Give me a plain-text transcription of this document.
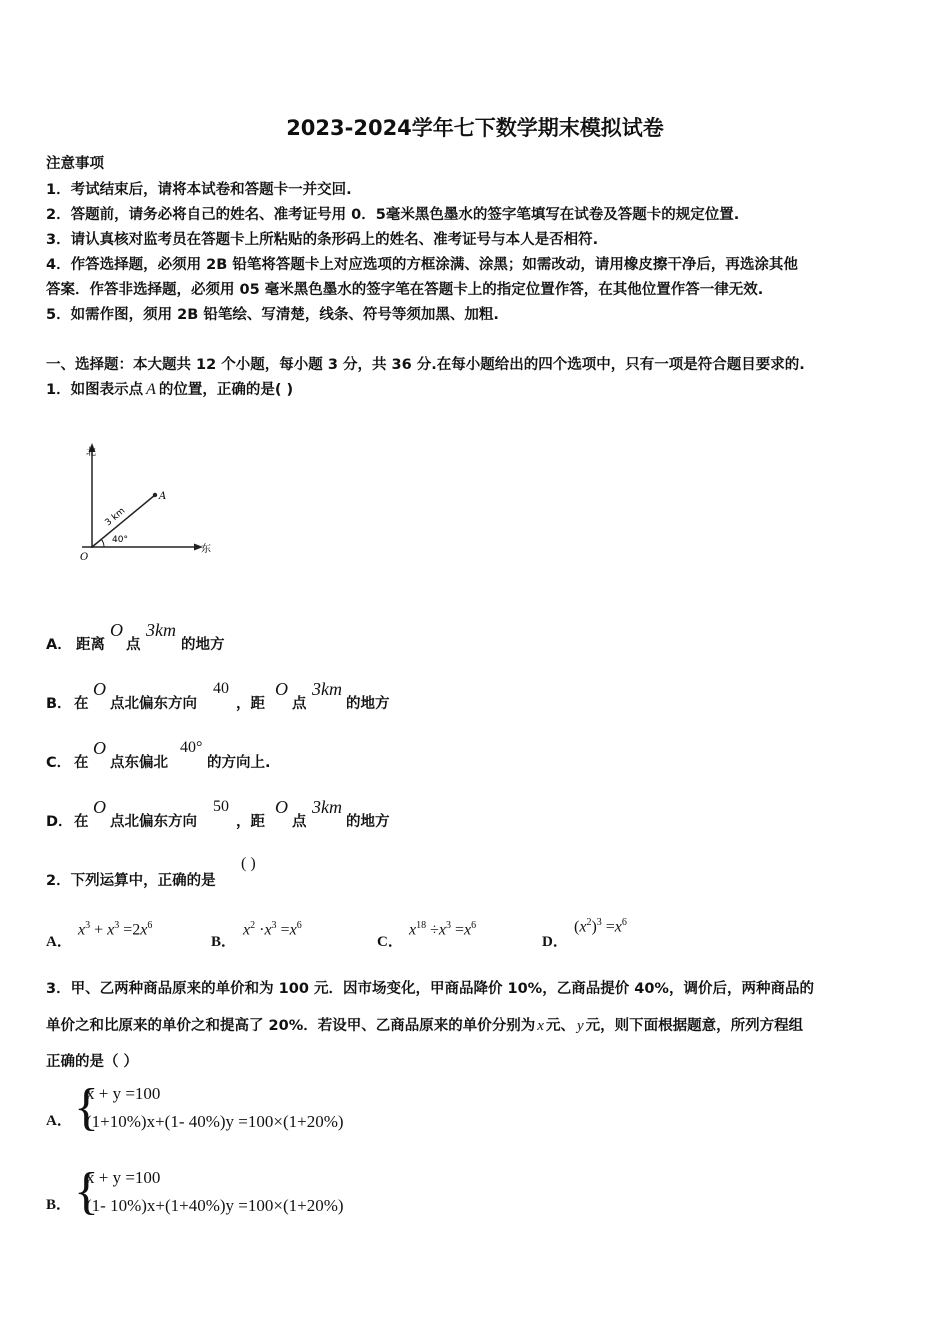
2023-2024学年七下数学期末模拟试卷
注意事项
1．考试结束后，请将本试卷和答题卡一并交回.
2．答题前，请务必将自己的姓名、准考证号用 0．5毫米黑色墨水的签字笔填写在试卷及答题卡的规定位置.
3．请认真核对监考员在答题卡上所粘贴的条形码上的姓名、准考证号与本人是否相符.
4．作答选择题，必须用 2B 铅笔将答题卡上对应选项的方框涂满、涂黑；如需改动，请用橡皮擦干净后，再选涂其他
答案．作答非选择题，必须用 05 毫米黑色墨水的签字笔在答题卡上的指定位置作答，在其他位置作答一律无效.
5．如需作图，须用 2B 铅笔绘、写清楚，线条、符号等须加黑、加粗.
一、选择题：本大题共 12 个小题，每小题 3 分，共 36 分.在每小题给出的四个选项中，只有一项是符合题目要求的.
1．如图表示点 A 的位置，正确的是( )
北
东
O
A
3 km
40°
A． 距离
O
点
3km
的地方
B． 在
O
点北偏东方向
40
，距
O
点
3km
的地方
C． 在
O
点东偏北
40°
的方向上.
D． 在
O
点北偏东方向
50
，距
O
点
3km
的地方
2．下列运算中，正确的是
( )
A．
$x^3 + x^3 =2x^6$
B．
$x^2 \cdot x^3 =x^6$
C．
$x^{18} \div x^3 =x^6$
D．
$(x^2)^3 =x^6$
3．甲、乙两种商品原来的单价和为 100 元．因市场变化，甲商品降价 10%，乙商品提价 40%，调价后，两种商品的
单价之和比原来的单价之和提高了 20%．若设甲、乙商品原来的单价分别为 x 元、 y 元，则下面根据题意，所列方程组
正确的是（ ）
A． {
x + y =100
(1+10%)x+(1- 40%)y =100×(1+20%)
B． {
x + y =100
(1- 10%)x+(1+40%)y =100×(1+20%)
